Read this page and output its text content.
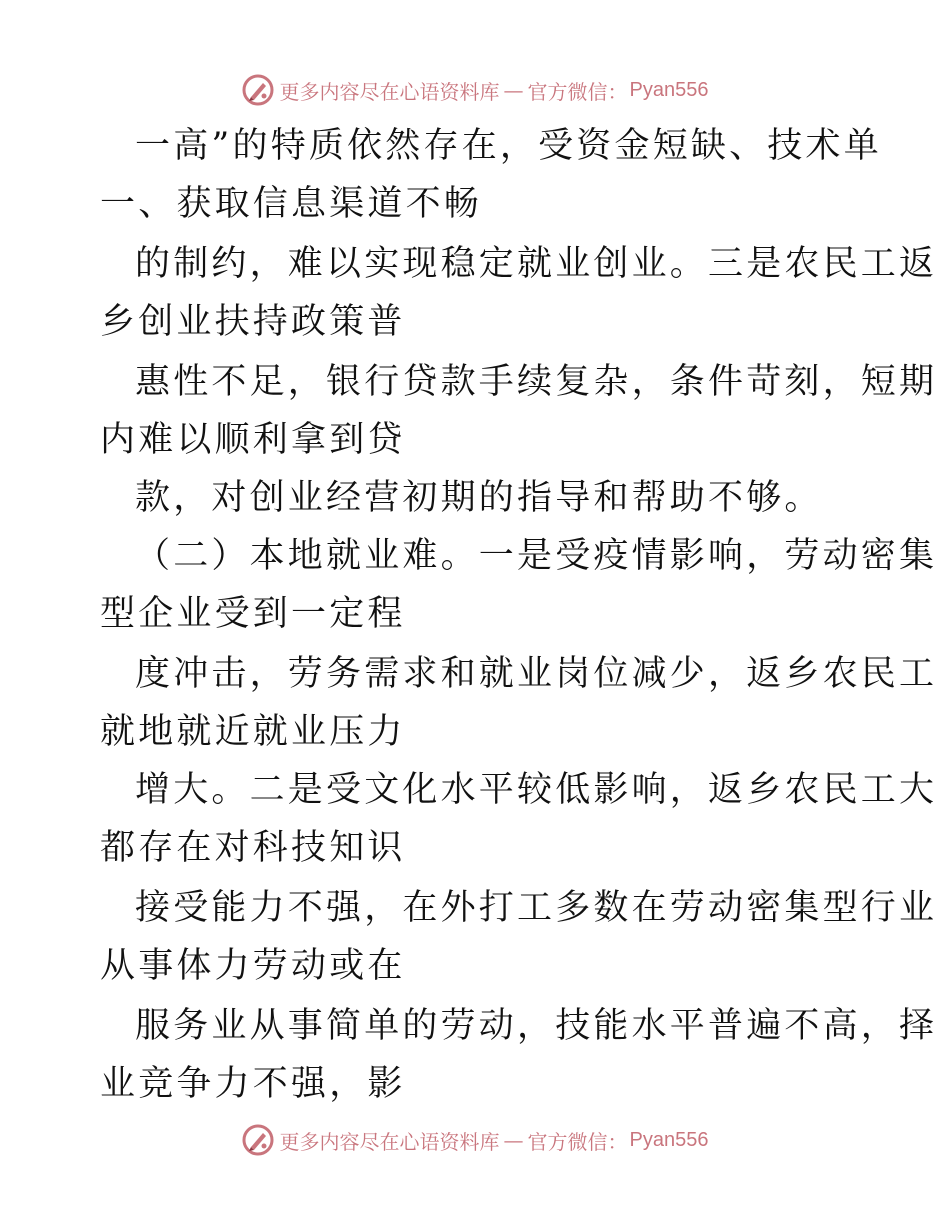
更多内容尽在心语资料库 — 官方微信： Pyan556
一高”的特质依然存在，受资金短缺、技术单
一、获取信息渠道不畅
的制约，难以实现稳定就业创业。三是农民工返
乡创业扶持政策普
惠性不足，银行贷款手续复杂，条件苛刻，短期
内难以顺利拿到贷
款，对创业经营初期的指导和帮助不够。
（二）本地就业难。一是受疫情影响，劳动密集
型企业受到一定程
度冲击，劳务需求和就业岗位减少，返乡农民工
就地就近就业压力
增大。二是受文化水平较低影响，返乡农民工大
都存在对科技知识
接受能力不强，在外打工多数在劳动密集型行业
从事体力劳动或在
服务业从事简单的劳动，技能水平普遍不高，择
业竞争力不强，影
更多内容尽在心语资料库 — 官方微信： Pyan556
